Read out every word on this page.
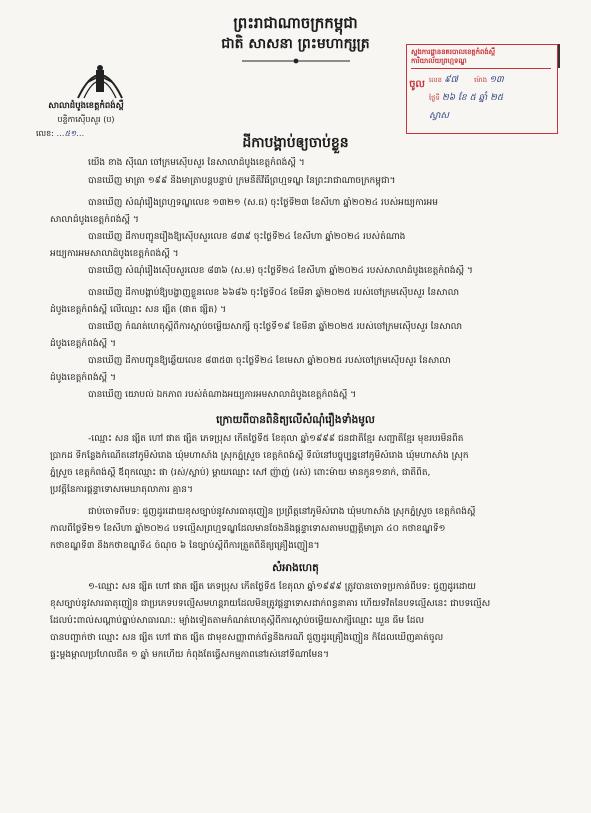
ព្រះរាជាណាចក្រកម្ពុជា
ជាតិ សាសនា ព្រះមហាក្សត្រ
សាលាដំបូងខេត្តកំពង់ស្ពឺ
បន្ទិកាស៊ើបសួរ (ប)
លេខ: …៥១…
ស្នងការដ្ឋាននគរបាលខេត្តកំពង់ស្ពឺ
ការិយាល័យព្រហ្មទណ្ឌ
ចូល លេខ ៩៧ ម៉ោង ១៣
ថ្ងៃទី ២៦ ខែ ៥ ឆ្នាំ ២៥
ស្វាស
ដីកាបង្គាប់ឲ្យចាប់ខ្លួន
យើង ខាង ស៊ីណេ ចៅក្រមស៊ើបសួរ នៃសាលាដំបូងខេត្តកំពង់ស្ពឺ ។
បានឃើញ មាត្រា ១៩៩ និងមាត្រាបន្តបន្ទាប់ ក្រមនីតិវិធីព្រហ្មទណ្ឌ នៃព្រះរាជាណាចក្រកម្ពុជា។
បានឃើញ សំណុំរឿងព្រហ្មទណ្ឌលេខ ១៣២១ (ស.ធ) ចុះថ្ងៃទី២៣ ខែសីហា ឆ្នាំ២០២៤ របស់អយ្យការអម
សាលាដំបូងខេត្តកំពង់ស្ពឺ ។
បានឃើញ ដីកាបញ្ជូនរឿងឱ្យស៊ើបសួរលេខ ៨៣៩ ចុះថ្ងៃទី២៤ ខែសីហា ឆ្នាំ២០២៤ របស់តំណាង
អយ្យការអមសាលាដំបូងខេត្តកំពង់ស្ពឺ ។
បានឃើញ សំណុំរឿងស៊ើបសួរលេខ ៨៣៦ (ស.ម) ចុះថ្ងៃទី២៤ ខែសីហា ឆ្នាំ២០២៤ របស់សាលាដំបូងខេត្តកំពង់ស្ពឺ ។
បានឃើញ ដីកាបង្គាប់ឱ្យបង្ហាញខ្លួនលេខ ៦៦៨៦ ចុះថ្ងៃទី០៤ ខែមីនា ឆ្នាំ២០២៥ របស់ចៅក្រមស៊ើបសួរ នៃសាលា
ដំបូងខេត្តកំពង់ស្ពឺ លើឈ្មោះ សន ផ្សិត (ផាត ផ្សិត) ។
បានឃើញ កំណត់ហេតុស្ដីពីការស្ដាប់ចម្លើយសាក្សី ចុះថ្ងៃទី១៩ ខែមីនា ឆ្នាំ២០២៥ របស់ចៅក្រមស៊ើបសួរ នៃសាលា
ដំបូងខេត្តកំពង់ស្ពឺ ។
បានឃើញ ដីកាបញ្ជូនឱ្យឆ្លើយលេខ ៨៣៥៣ ចុះថ្ងៃទី២៤ ខែមេសា ឆ្នាំ២០២៥ របស់ចៅក្រមស៊ើបសួរ នៃសាលា
ដំបូងខេត្តកំពង់ស្ពឺ ។
បានឃើញ យោបល់ ឯកភាព របស់តំណាងអយ្យការអមសាលាដំបូងខេត្តកំពង់ស្ពឺ ។
ក្រោយពីបានពិនិត្យលើសំណុំរឿងទាំងមូល
-ឈ្មោះ សន ផ្សិត ហៅ ផាត ផ្សិត ភេទប្រុស កើតថ្ងៃទី៥ ខែតុលា ឆ្នាំ១៩៩៩ ជនជាតិខ្មែរ សញ្ជាតិខ្មែរ មុខរបរមិនពិត
ប្រាកដ ទីកន្លែងកំណើតនៅភូមិសំរោង ឃុំមហាសាំង ស្រុកភ្នំស្រួច ខេត្តកំពង់ស្ពឺ ទីលំនៅបច្ចុប្បន្ននៅភូមិសំរោង ឃុំមហាសាំង ស្រុក
ភ្នំស្រួច ខេត្តកំពង់ស្ពឺ ឪពុកឈ្មោះ ផា (រស់/ស្លាប់) ម្ដាយឈ្មោះ សៅ ញ៉ាញ់ (រស់) ពោះម៉ាយ មានកូន១នាក់, ជាតិពិត,
ប្រវត្តិនៃការផ្ដន្ទាទោសមេឃាតុលាការ គ្មាន។
ជាប់ចោទពីបទ: ជួញដូរដោយខុសច្បាប់នូវសារធាតុញៀន ប្រព្រឹត្តនៅភូមិសំរោង ឃុំមហាសាំង ស្រុកភ្នំស្រួច ខេត្តកំពង់ស្ពឺ
កាលពីថ្ងៃទី២១ ខែសីហា ឆ្នាំ២០២៤ បទល្មើសព្រហ្មទណ្ឌដែលមានចែងនិងផ្ដន្ទាទោសតាមបញ្ញត្តិមាត្រា ៤០ កថាខណ្ឌទី១
កថាខណ្ឌទី៣ និងកថាខណ្ឌទី៤ ចំណុច ៦ នៃច្បាប់ស្ដីពីការត្រួតពិនិត្យគ្រឿងញៀន។
សំអាងហេតុ
១-ឈ្មោះ សន ផ្សិត ហៅ ផាត ផ្សិត ភេទប្រុស កើតថ្ងៃទី៥ ខែតុលា ឆ្នាំ១៩៩៩ ត្រូវបានចោទប្រកាន់ពីបទ: ជួញដូរដោយ
ខុសច្បាប់នូវសារធាតុញៀន ជាប្រភេទបទល្មើសមហន្តរាយដែលមិនត្រូវផ្ដន្ទាទោសដាក់ពន្ធនាគារ ហើយទវិតនៃបទល្មើសនេះ ជាបទល្មើស
ដែលប៉ះពាល់សណ្ដាប់ធ្នាប់សាធារណៈ: ម្យ៉ាងទៀតតាមកំណត់ហេតុស្ដីពីការស្ដាប់ចម្លើយសាក្សីឈ្មោះ ឃួន ធីម ដែល
បានបញ្ជាក់ថា ឈ្មោះ សន ផ្សិត ហៅ ផាត ផ្សិត ជាមុខសញ្ញាពាក់ព័ន្ធនឹងករណី ជួញដូរគ្រឿងញៀន ក៏ដែលឃើញគាត់ចូល
ផ្ទះម្ដងម្កាលប្រហែលជិត ១ ឆ្នាំ មកហើយ កំពុងតែធ្វើសកម្មភាពនៅរស់នៅទីណាមែន។
